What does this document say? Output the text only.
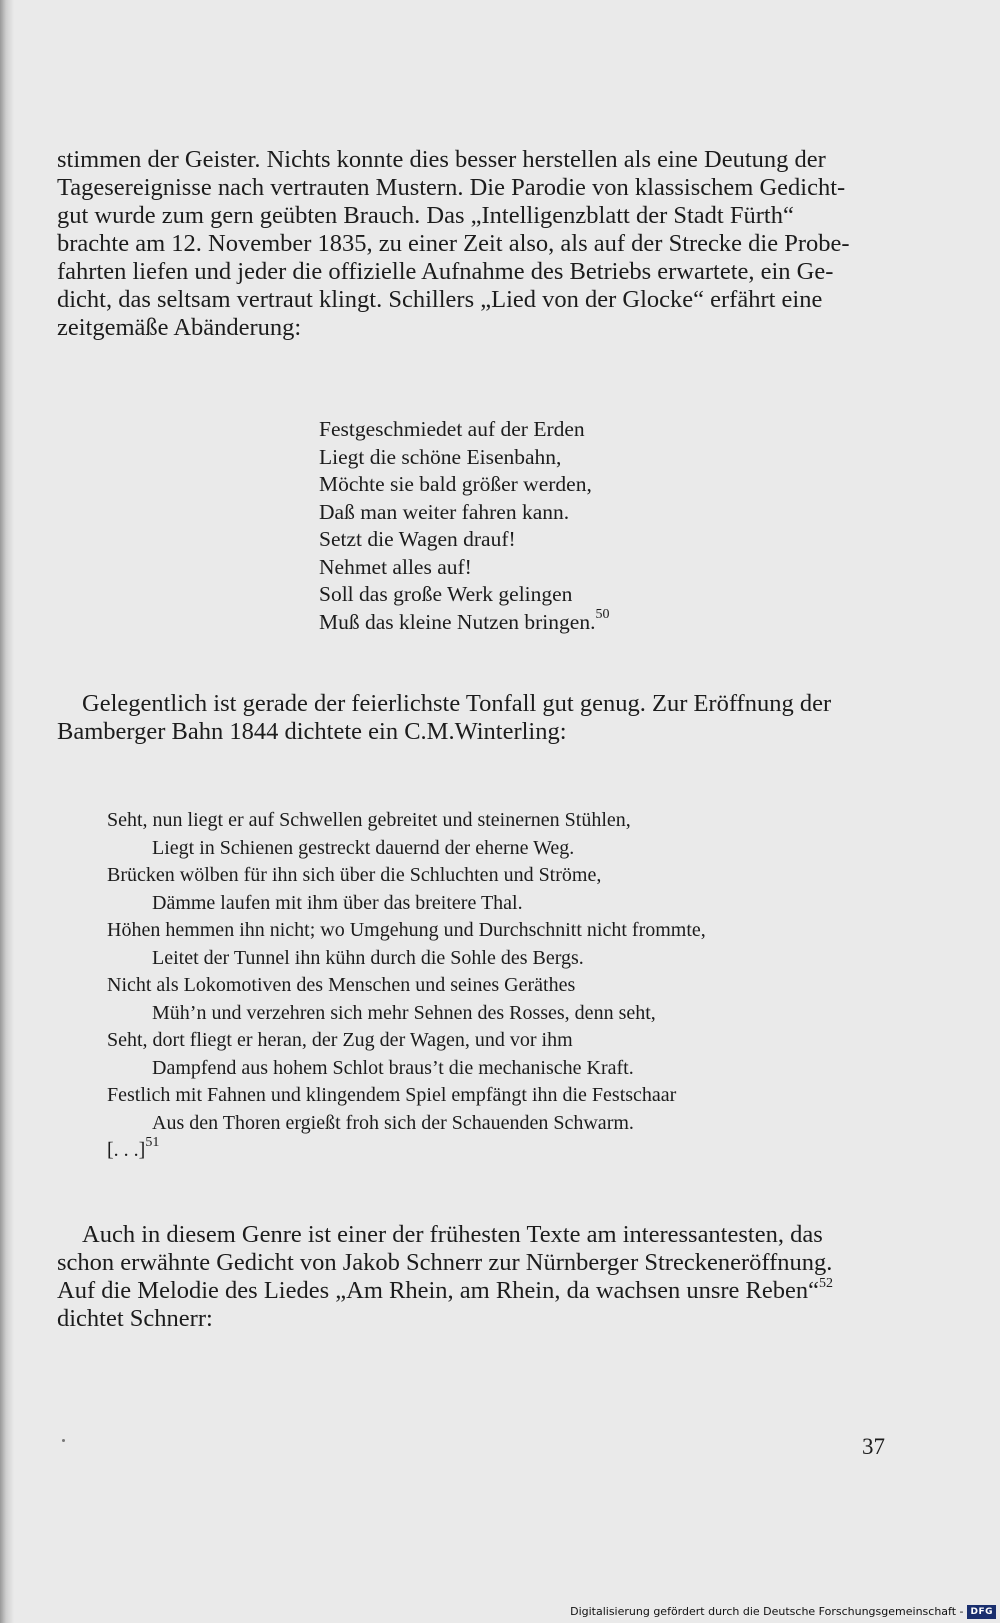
stimmen der Geister. Nichts konnte dies besser herstellen als eine Deutung der
Tagesereignisse nach vertrauten Mustern. Die Parodie von klassischem Gedicht-
gut wurde zum gern geübten Brauch. Das „Intelligenzblatt der Stadt Fürth“
brachte am 12. November 1835, zu einer Zeit also, als auf der Strecke die Probe-
fahrten liefen und jeder die offizielle Aufnahme des Betriebs erwartete, ein Ge-
dicht, das seltsam vertraut klingt. Schillers „Lied von der Glocke“ erfährt eine
zeitgemäße Abänderung:

Festgeschmiedet auf der Erden
Liegt die schöne Eisenbahn,
Möchte sie bald größer werden,
Daß man weiter fahren kann.
Setzt die Wagen drauf!
Nehmet alles auf!
Soll das große Werk gelingen
Muß das kleine Nutzen bringen.$^{50}$

Gelegentlich ist gerade der feierlichste Tonfall gut genug. Zur Eröffnung der
Bamberger Bahn 1844 dichtete ein C.M.Winterling:

Seht, nun liegt er auf Schwellen gebreitet und steinernen Stühlen,
Liegt in Schienen gestreckt dauernd der eherne Weg.
Brücken wölben für ihn sich über die Schluchten und Ströme,
Dämme laufen mit ihm über das breitere Thal.
Höhen hemmen ihn nicht; wo Umgehung und Durchschnitt nicht frommte,
Leitet der Tunnel ihn kühn durch die Sohle des Bergs.
Nicht als Lokomotiven des Menschen und seines Geräthes
Müh’n und verzehren sich mehr Sehnen des Rosses, denn seht,
Seht, dort fliegt er heran, der Zug der Wagen, und vor ihm
Dampfend aus hohem Schlot braus’t die mechanische Kraft.
Festlich mit Fahnen und klingendem Spiel empfängt ihn die Festschaar
Aus den Thoren ergießt froh sich der Schauenden Schwarm.
[. . .]$^{51}$

Auch in diesem Genre ist einer der frühesten Texte am interessantesten, das
schon erwähnte Gedicht von Jakob Schnerr zur Nürnberger Streckeneröffnung.
Auf die Melodie des Liedes „Am Rhein, am Rhein, da wachsen unsre Reben“$^{52}$
dichtet Schnerr:

37
Digitalisierung gefördert durch die Deutsche Forschungsgemeinschaft - DFG
